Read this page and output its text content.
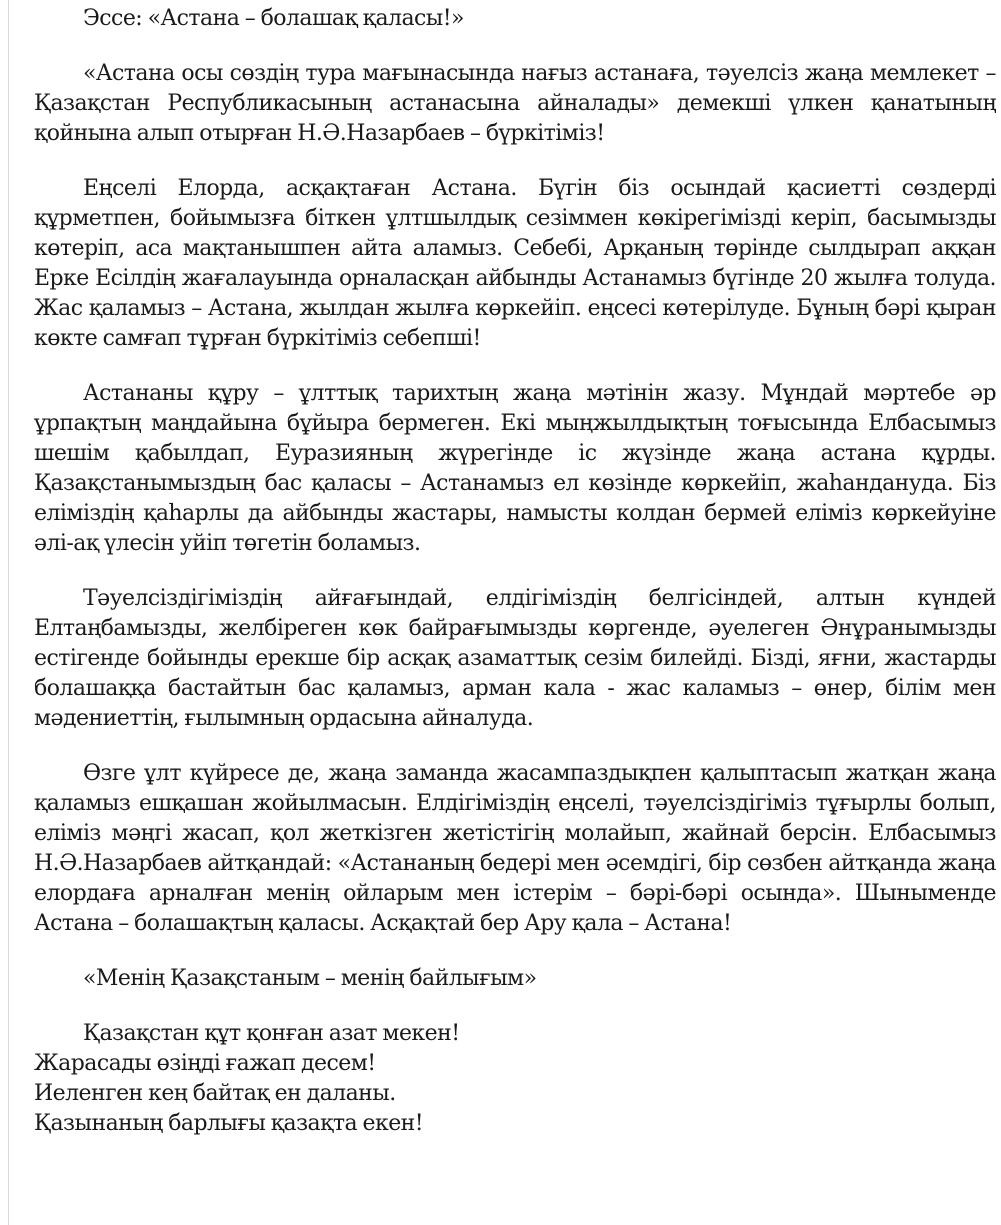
Эссе: «Астана – болашақ қаласы!»

«Астана осы сөздің тура мағынасында нағыз астанаға, тәуелсіз жаңа мемлекет – Қазақстан Республикасының астанасына айналады» демекші үлкен қанатының қойнына алып отырған Н.Ә.Назарбаев – бүркітіміз!

Еңселі Елорда, асқақтаған Астана. Бүгін біз осындай қасиетті сөздерді құрметпен, бойымызға біткен ұлтшылдық сезіммен көкірегімізді керіп, басымызды көтеріп, аса мақтанышпен айта аламыз. Себебі, Арқаның төрінде сылдырап аққан Ерке Есілдің жағалауында орналасқан айбынды Астанамыз бүгінде 20 жылға толуда. Жас қаламыз – Астана, жылдан жылға көркейіп. еңсесі көтерілуде. Бұның бәрі қыран көкте самғап тұрған бүркітіміз себепші!

Астананы құру – ұлттық тарихтың жаңа мәтінін жазу. Мұндай мәртебе әр ұрпақтың маңдайына бұйыра бермеген. Екі мыңжылдықтың тоғысында Елбасымыз шешім қабылдап, Еуразияның жүрегінде іс жүзінде жаңа астана құрды. Қазақстанымыздың бас қаласы – Астанамыз ел көзінде көркейіп, жаһандануда. Біз еліміздің қаһарлы да айбынды жастары, намысты колдан бермей еліміз көркейуіне әлі-ақ үлесін уйіп төгетін боламыз.

Тәуелсіздігіміздің айғағындай, елдігіміздің белгісіндей, алтын күндей Елтаңбамызды, желбіреген көк байрағымызды көргенде, әуелеген Әнұранымызды естігенде бойынды ерекше бір асқақ азаматтық сезім билейді. Бізді, яғни, жастарды болашаққа бастайтын бас қаламыз, арман кала - жас каламыз – өнер, білім мен мәдениеттің, ғылымның ордасына айналуда.

Өзге ұлт күйресе де, жаңа заманда жасампаздықпен қалыптасып жатқан жаңа қаламыз ешқашан жойылмасын. Елдігіміздің еңселі, тәуелсіздігіміз тұғырлы болып, еліміз мәңгі жасап, қол жеткізген жетістігің молайып, жайнай берсін. Елбасымыз Н.Ә.Назарбаев айтқандай: «Астананың бедері мен әсемдігі, бір сөзбен айтқанда жаңа елордаға арналған менің ойларым мен істерім – бәрі-бәрі осында». Шыныменде Астана – болашақтың қаласы. Асқақтай бер Ару қала – Астана!

«Менің Қазақстаным – менің байлығым»
Қазақстан құт қонған азат мекен!
Жарасады өзіңді ғажап десем!
Иеленген кең байтақ ен даланы.
Қазынаның барлығы қазақта екен!
